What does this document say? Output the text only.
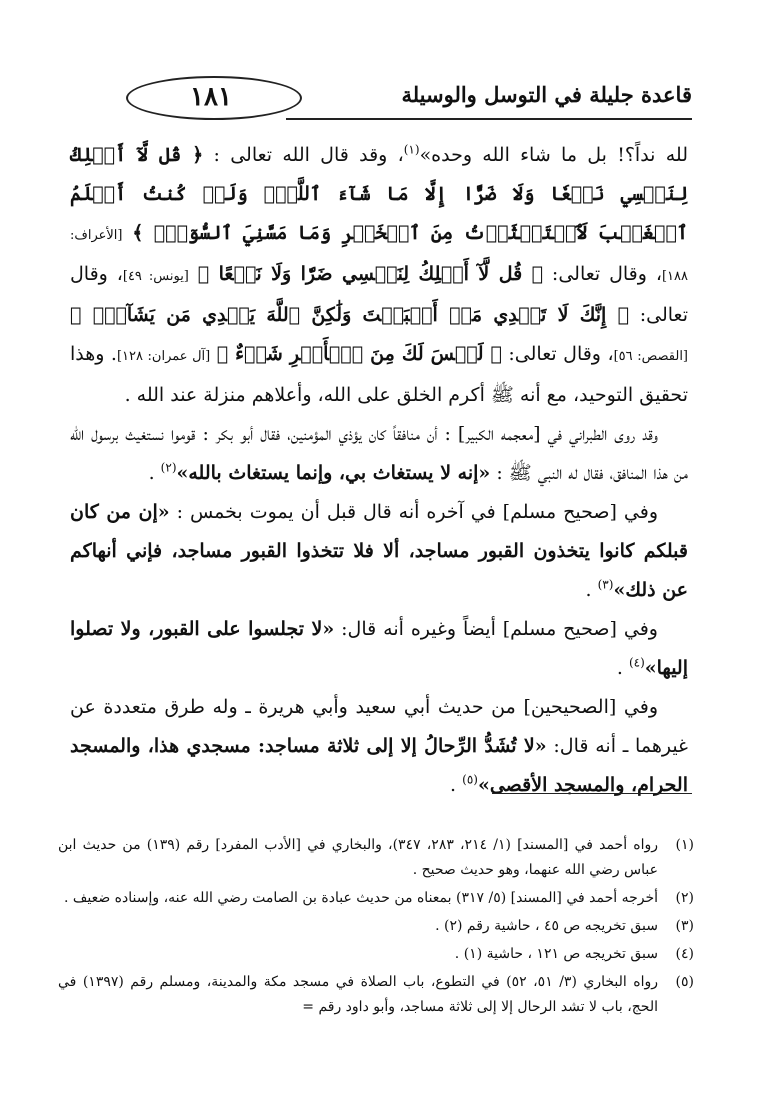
١٨١	قاعدة جليلة في التوسل والوسيلة

لله نداً؟! بل ما شاء الله وحده»$^{(١)}$، وقد قال الله تعالى : ﴿ قُل لَّآ أَمۡلِكُ لِنَفۡسِي نَفۡعٗا وَلَا ضَرًّا إِلَّا مَا شَآءَ ٱللَّهُۚ وَلَوۡ كُنتُ أَعۡلَمُ ٱلۡغَيۡبَ لَٱسۡتَكۡثَرۡتُ مِنَ ٱلۡخَيۡرِ وَمَا مَسَّنِيَ ٱلسُّوٓءُۚ ﴾ [الأعراف: ١٨٨]، وقال تعالى: ﴿ قُل لَّآ أَمۡلِكُ لِنَفۡسِي ضَرّٗا وَلَا نَفۡعًا ﴾ [يونس: ٤٩]، وقال تعالى: ﴿ إِنَّكَ لَا تَهۡدِي مَنۡ أَحۡبَبۡتَ وَلَٰكِنَّ ٱللَّهَ يَهۡدِي مَن يَشَآءُۚ ﴾ [القصص: ٥٦]، وقال تعالى: ﴿ لَيۡسَ لَكَ مِنَ ٱلۡأَمۡرِ شَيۡءٌ ﴾ [آل عمران: ١٢٨]. وهذا تحقيق التوحيد، مع أنه ﷺ أكرم الخلق على الله، وأعلاهم منزلة عند الله .

وقد روى الطبراني في [معجمه الكبير] : أن منافقاً كان يؤذي المؤمنين، فقال أبو بكر : قوموا نستغيث برسول الله من هذا المنافق، فقال له النبي ﷺ : «إنه لا يستغاث بي، وإنما يستغاث بالله»$^{(٢)}$ .

وفي [صحيح مسلم] في آخره أنه قال قبل أن يموت بخمس : «إن من كان قبلكم كانوا يتخذون القبور مساجد، ألا فلا تتخذوا القبور مساجد، فإني أنهاكم عن ذلك»$^{(٣)}$ .

وفي [صحيح مسلم] أيضاً وغيره أنه قال: «لا تجلسوا على القبور، ولا تصلوا إليها»$^{(٤)}$ .

وفي [الصحيحين] من حديث أبي سعيد وأبي هريرة ـ وله طرق متعددة عن غيرهما ـ أنه قال: «لا تُشَدُّ الرِّحالُ إلا إلى ثلاثة مساجد: مسجدي هذا، والمسجد الحرام، والمسجد الأقصى»$^{(٥)}$ .

(١)
رواه أحمد في [المسند] (١/ ٢١٤، ٢٨٣، ٣٤٧)، والبخاري في [الأدب المفرد] رقم (١٣٩) من حديث ابن عباس رضي الله عنهما، وهو حديث صحيح .
(٢)
أخرجه أحمد في [المسند] (٥/ ٣١٧) بمعناه من حديث عبادة بن الصامت رضي الله عنه، وإسناده ضعيف .
(٣)
سبق تخريجه ص ٤٥ ، حاشية رقم (٢) .
(٤)
سبق تخريجه ص ١٢١ ، حاشية (١) .
(٥)
رواه البخاري (٣/ ٥١، ٥٢) في التطوع، باب الصلاة في مسجد مكة والمدينة، ومسلم رقم (١٣٩٧) في الحج، باب لا تشد الرحال إلا إلى ثلاثة مساجد، وأبو داود رقم =
